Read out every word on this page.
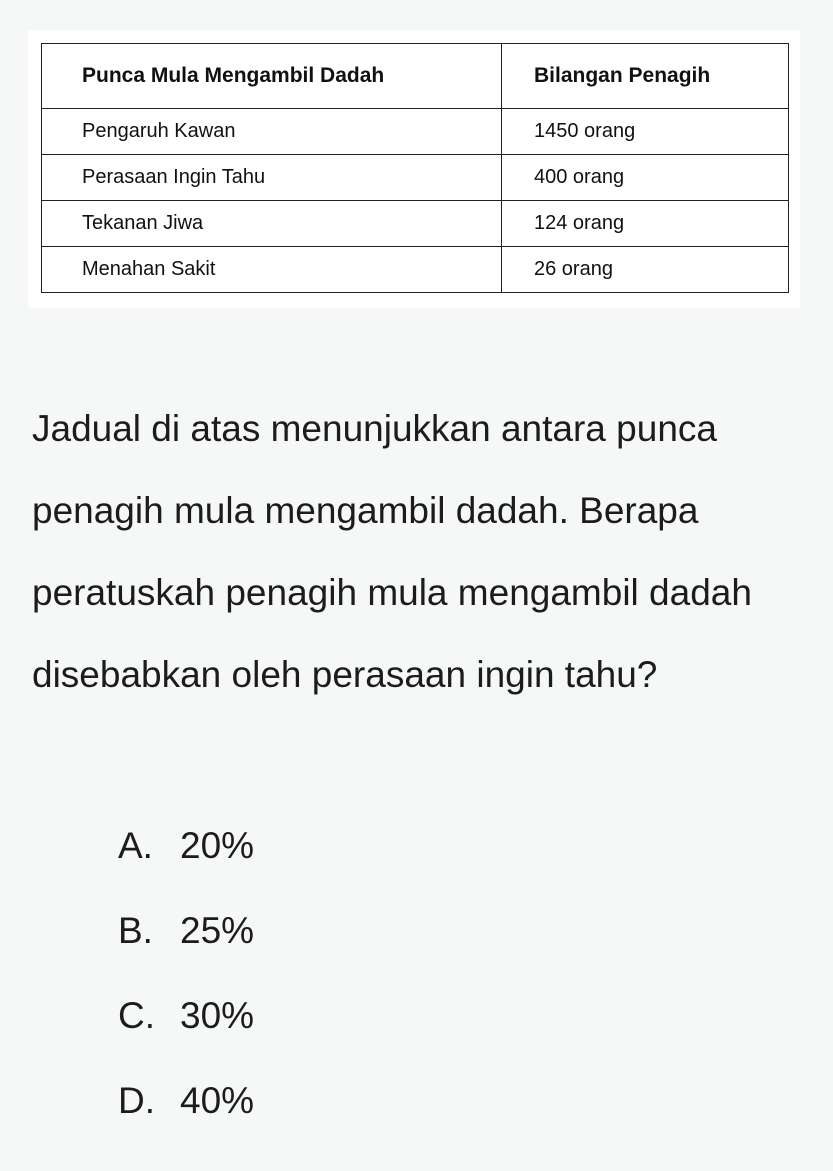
Punca Mula Mengambil Dadah	Bilangan Penagih
Pengaruh Kawan	1450 orang
Perasaan Ingin Tahu	400 orang
Tekanan Jiwa	124 orang
Menahan Sakit	26 orang
Jadual di atas menunjukkan antara punca penagih mula mengambil dadah. Berapa peratuskah penagih mula mengambil dadah disebabkan oleh perasaan ingin tahu?
A. 20%
B. 25%
C. 30%
D. 40%
